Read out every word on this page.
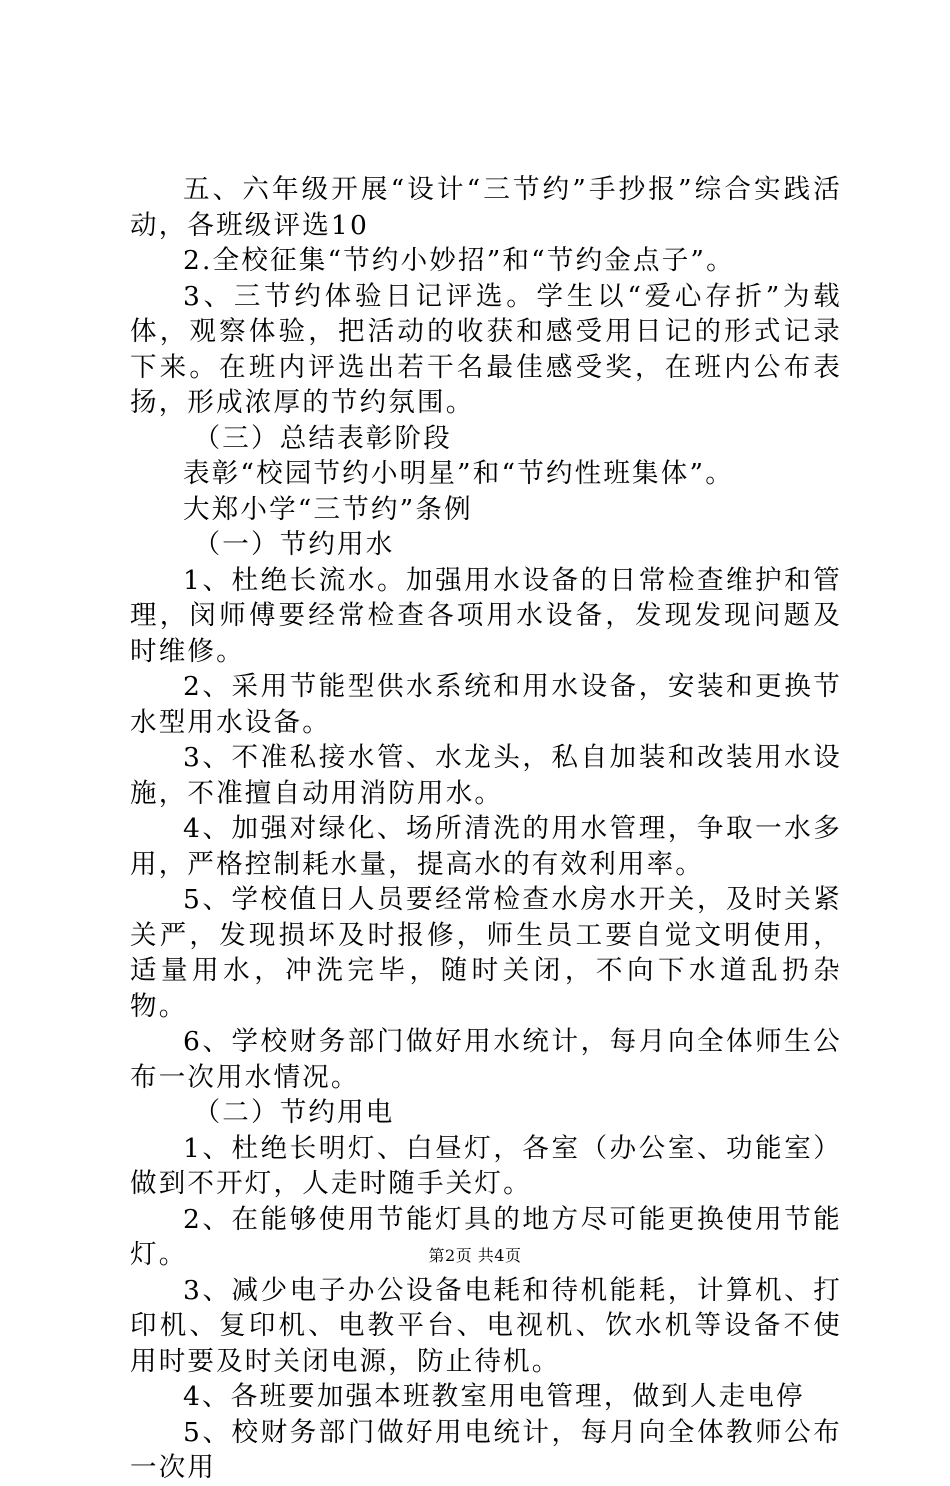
五、六年级开展“设计“三节约”手抄报”综合实践活动，各班级评选10

2.全校征集“节约小妙招”和“节约金点子”。

3、三节约体验日记评选。学生以“爱心存折”为载体，观察体验，把活动的收获和感受用日记的形式记录下来。在班内评选出若干名最佳感受奖，在班内公布表扬，形成浓厚的节约氛围。

（三）总结表彰阶段

表彰“校园节约小明星”和“节约性班集体”。

大郑小学“三节约”条例

（一）节约用水

1、杜绝长流水。加强用水设备的日常检查维护和管理，闵师傅要经常检查各项用水设备，发现发现问题及时维修。

2、采用节能型供水系统和用水设备，安装和更换节水型用水设备。

3、不准私接水管、水龙头，私自加装和改装用水设施，不准擅自动用消防用水。

4、加强对绿化、场所清洗的用水管理，争取一水多用，严格控制耗水量，提高水的有效利用率。

5、学校值日人员要经常检查水房水开关，及时关紧关严，发现损坏及时报修，师生员工要自觉文明使用，适量用水，冲洗完毕，随时关闭，不向下水道乱扔杂物。

6、学校财务部门做好用水统计，每月向全体师生公布一次用水情况。

（二）节约用电

1、杜绝长明灯、白昼灯，各室（办公室、功能室）做到不开灯，人走时随手关灯。

2、在能够使用节能灯具的地方尽可能更换使用节能灯。

3、减少电子办公设备电耗和待机能耗，计算机、打印机、复印机、电教平台、电视机、饮水机等设备不使用时要及时关闭电源，防止待机。

4、各班要加强本班教室用电管理，做到人走电停

5、校财务部门做好用电统计，每月向全体教师公布一次用

第2页 共4页
